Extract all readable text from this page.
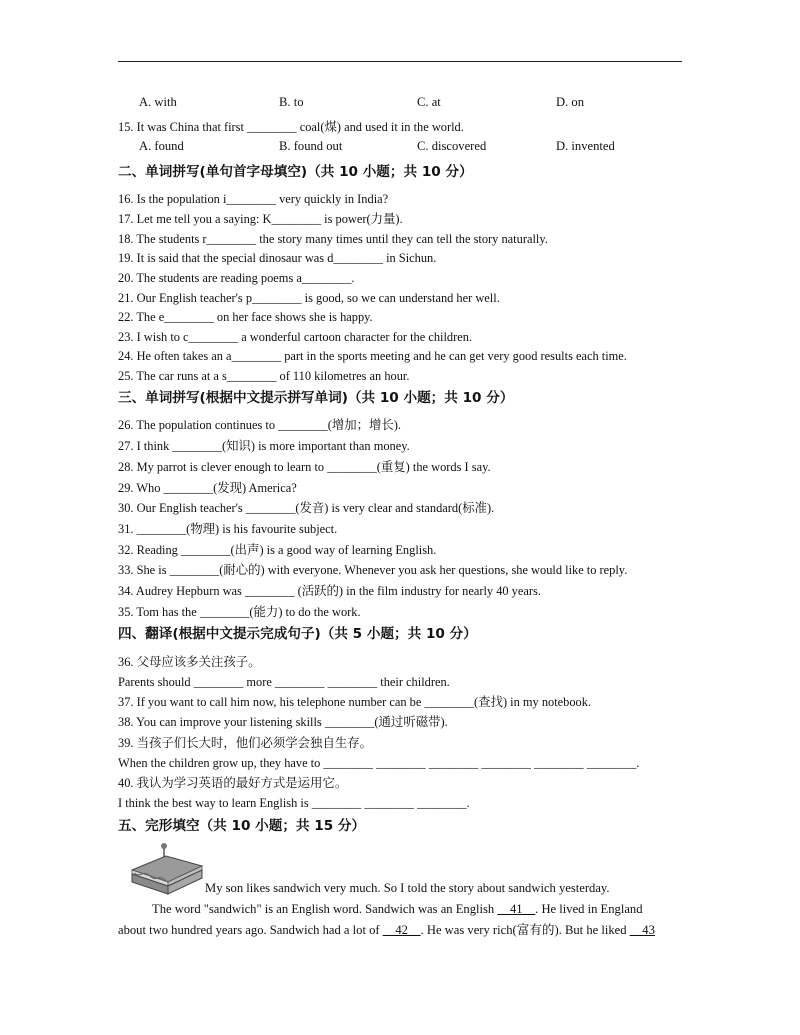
A. with	B. to	C. at	D. on
15. It was China that first ________ coal(煤) and used it in the world.
A. found	B. found out	C. discovered	D. invented
二、单词拼写(单句首字母填空)（共 10 小题；共 10 分）
16. Is the population i________ very quickly in India?
17. Let me tell you a saying: K________ is power(力量).
18. The students r________ the story many times until they can tell the story naturally.
19. It is said that the special dinosaur was d________ in Sichun.
20. The students are reading poems a________.
21. Our English teacher's p________ is good, so we can understand her well.
22. The e________ on her face shows she is happy.
23. I wish to c________ a wonderful cartoon character for the children.
24. He often takes an a________ part in the sports meeting and he can get very good results each time.
25. The car runs at a s________ of 110 kilometres an hour.
三、单词拼写(根据中文提示拼写单词)（共 10 小题；共 10 分）
26. The population continues to ________(增加；增长).
27. I think ________(知识) is more important than money.
28. My parrot is clever enough to learn to ________(重复) the words I say.
29. Who ________(发现) America?
30. Our English teacher's ________(发音) is very clear and standard(标准).
31. ________(物理) is his favourite subject.
32. Reading ________(出声) is a good way of learning English.
33. She is ________(耐心的) with everyone. Whenever you ask her questions, she would like to reply.
34. Audrey Hepburn was ________ (活跃的) in the film industry for nearly 40 years.
35. Tom has the ________(能力) to do the work.
四、翻译(根据中文提示完成句子)（共 5 小题；共 10 分）
36. 父母应该多关注孩子。
Parents should ________ more ________ ________ their children.
37. If you want to call him now, his telephone number can be ________(查找) in my notebook.
38. You can improve your listening skills ________(通过听磁带).
39. 当孩子们长大时，他们必须学会独自生存。
When the children grow up, they have to ________ ________ ________ ________ ________ ________.
40. 我认为学习英语的最好方式是运用它。
I think the best way to learn English is ________ ________ ________.
五、完形填空（共 10 小题；共 15 分）
My son likes sandwich very much. So I told the story about sandwich yesterday.
The word "sandwich" is an English word. Sandwich was an English __41__. He lived in England
about two hundred years ago. Sandwich had a lot of __42__. He was very rich(富有的). But he liked __43
